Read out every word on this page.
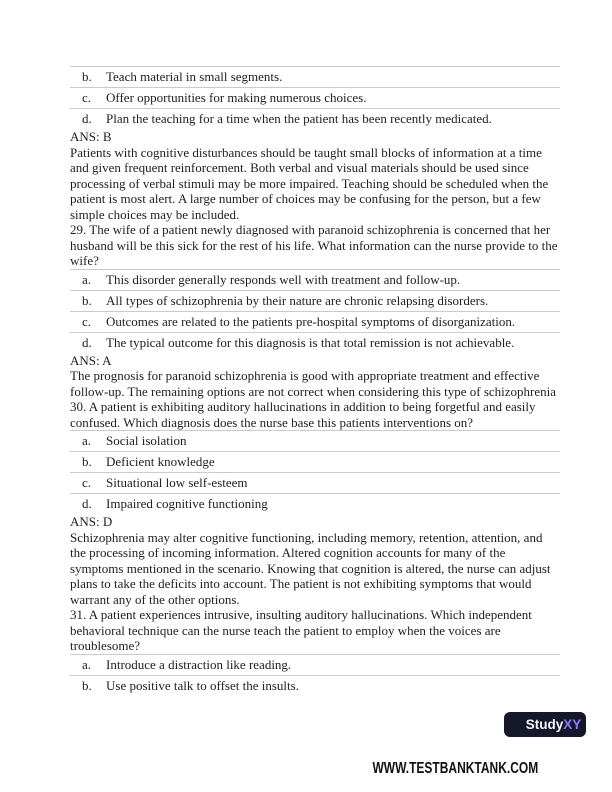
b.	Teach material in small segments.
c.	Offer opportunities for making numerous choices.
d.	Plan the teaching for a time when the patient has been recently medicated.
ANS: B
Patients with cognitive disturbances should be taught small blocks of information at a time and given frequent reinforcement. Both verbal and visual materials should be used since processing of verbal stimuli may be more impaired. Teaching should be scheduled when the patient is most alert. A large number of choices may be confusing for the person, but a few simple choices may be included.
29. The wife of a patient newly diagnosed with paranoid schizophrenia is concerned that her husband will be this sick for the rest of his life. What information can the nurse provide to the wife?
a.	This disorder generally responds well with treatment and follow-up.
b.	All types of schizophrenia by their nature are chronic relapsing disorders.
c.	Outcomes are related to the patients pre-hospital symptoms of disorganization.
d.	The typical outcome for this diagnosis is that total remission is not achievable.
ANS: A
The prognosis for paranoid schizophrenia is good with appropriate treatment and effective follow-up. The remaining options are not correct when considering this type of schizophrenia
30. A patient is exhibiting auditory hallucinations in addition to being forgetful and easily confused. Which diagnosis does the nurse base this patients interventions on?
a.	Social isolation
b.	Deficient knowledge
c.	Situational low self-esteem
d.	Impaired cognitive functioning
ANS: D
Schizophrenia may alter cognitive functioning, including memory, retention, attention, and the processing of incoming information. Altered cognition accounts for many of the symptoms mentioned in the scenario. Knowing that cognition is altered, the nurse can adjust plans to take the deficits into account. The patient is not exhibiting symptoms that would warrant any of the other options.
31. A patient experiences intrusive, insulting auditory hallucinations. Which independent behavioral technique can the nurse teach the patient to employ when the voices are troublesome?
a.	Introduce a distraction like reading.
b.	Use positive talk to offset the insults.
Study XY
WWW.TESTBANKTANK.COM
